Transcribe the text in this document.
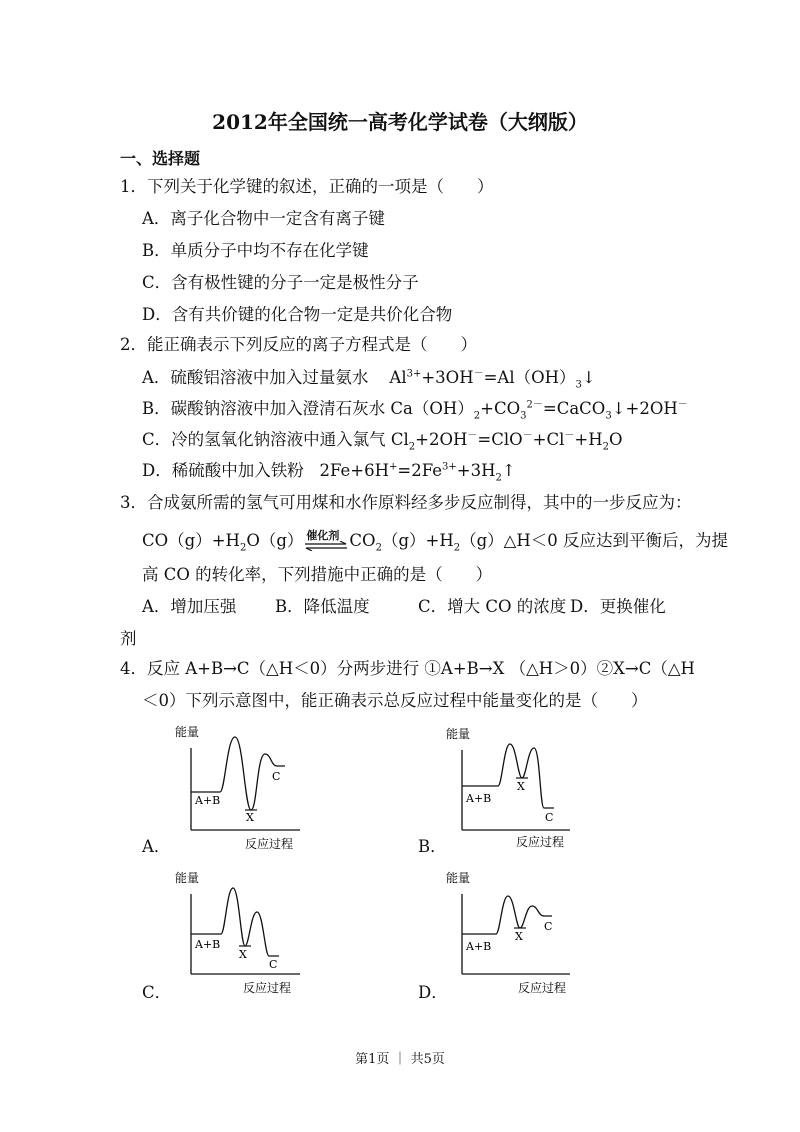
2012年全国统一高考化学试卷（大纲版）
一、选择题
1．下列关于化学键的叙述，正确的一项是（　　）
A．离子化合物中一定含有离子键
B．单质分子中均不存在化学键
C．含有极性键的分子一定是极性分子
D．含有共价键的化合物一定是共价化合物
2．能正确表示下列反应的离子方程式是（　　）
A．硫酸铝溶液中加入过量氨水    $Al^{3+}+3OH^-=Al(OH)_3↓$
B．碳酸钠溶液中加入澄清石灰水 $Ca(OH)_2+CO_3^{2-}=CaCO_3↓+2OH^-$
C．冷的氢氧化钠溶液中通入氯气 $Cl_2+2OH^-=ClO^-+Cl^-+H_2O$
D．稀硫酸中加入铁粉   $2Fe+6H^+=2Fe^{3+}+3H_2↑$
3．合成氨所需的氢气可用煤和水作原料经多步反应制得，其中的一步反应为：
$CO(g)+H_2O(g)$ 催化剂 $CO_2(g)+H_2(g)\triangle H<0$ 反应达到平衡后，为提
高 CO 的转化率，下列措施中正确的是（　　）
A．增加压强 B．降低温度	C．增大 CO 的浓度 D．更换催化
剂
4．反应 A+B→C（△H＜0）分两步进行 ①A+B→X （△H＞0）②X→C（△H
＜0）下列示意图中，能正确表示总反应过程中能量变化的是（　　）
能量
A+B
X
C
反应过程
A．
能量
A+B
X
C
反应过程
B．
能量
A+B
X
C
反应过程
C．
能量
A+B
X
C
反应过程
D．
第1页 ｜ 共5页
